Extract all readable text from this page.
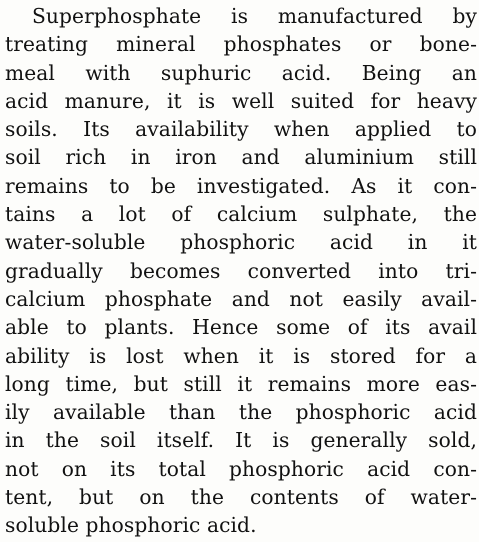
Superphosphate is manufactured by
treating mineral phosphates or bone-
meal with suphuric acid. Being an
acid manure, it is well suited for heavy
soils. Its availability when applied to
soil rich in iron and aluminium still
remains to be investigated. As it con-
tains a lot of calcium sulphate, the
water-soluble phosphoric acid in it
gradually becomes converted into tri-
calcium phosphate and not easily avail-
able to plants. Hence some of its avail
ability is lost when it is stored for a
long time, but still it remains more eas-
ily available than the phosphoric acid
in the soil itself. It is generally sold,
not on its total phosphoric acid con-
tent, but on the contents of water-
soluble phosphoric acid.
